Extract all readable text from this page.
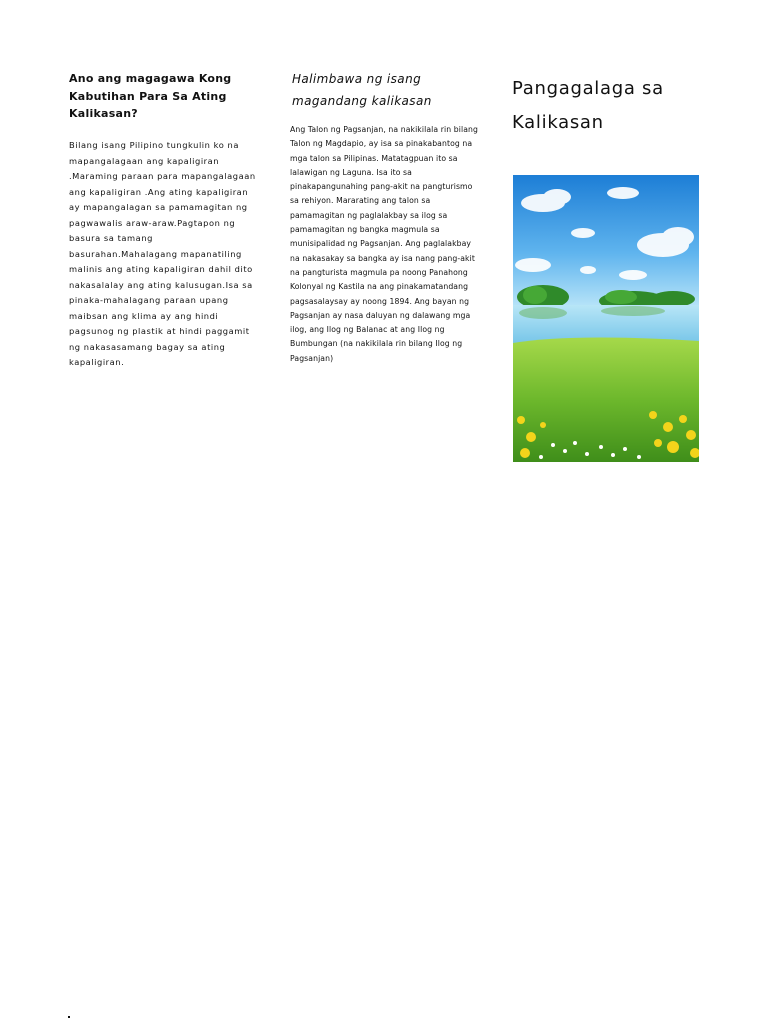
Ano ang magagawa Kong Kabutihan Para Sa Ating Kalikasan?
Bilang isang Pilipino tungkulin ko na mapangalagaan ang kapaligiran .Maraming paraan para mapangalagaan ang kapaligiran .Ang ating kapaligiran ay mapangalagan sa pamamagitan ng pagwawalis araw-araw.Pagtapon ng basura sa tamang basurahan.Mahalagang mapanatiling malinis ang ating kapaligiran dahil dito nakasalalay ang ating kalusugan.Isa sa pinaka-mahalagang paraan upang maibsan ang klima ay ang hindi pagsunog ng plastik at hindi paggamit ng nakasasamang bagay sa ating kapaligiran.
Halimbawa ng isang magandang kalikasan
Ang Talon ng Pagsanjan, na nakikilala rin bilang Talon ng Magdapio, ay isa sa pinakabantog na mga talon sa Pilipinas. Matatagpuan ito sa lalawigan ng Laguna. Isa ito sa pinakapangunahing pang-akit na pangturismo sa rehiyon. Mararating ang talon sa pamamagitan ng paglalakbay sa ilog sa pamamagitan ng bangka magmula sa munisipalidad ng Pagsanjan. Ang paglalakbay na nakasakay sa bangka ay isa nang pang-akit na pangturista magmula pa noong Panahong Kolonyal ng Kastila na ang pinakamatandang pagsasalaysay ay noong 1894. Ang bayan ng Pagsanjan ay nasa daluyan ng dalawang mga ilog, ang Ilog ng Balanac at ang Ilog ng Bumbungan (na nakikilala rin bilang Ilog ng Pagsanjan)
Pangagalaga sa Kalikasan
